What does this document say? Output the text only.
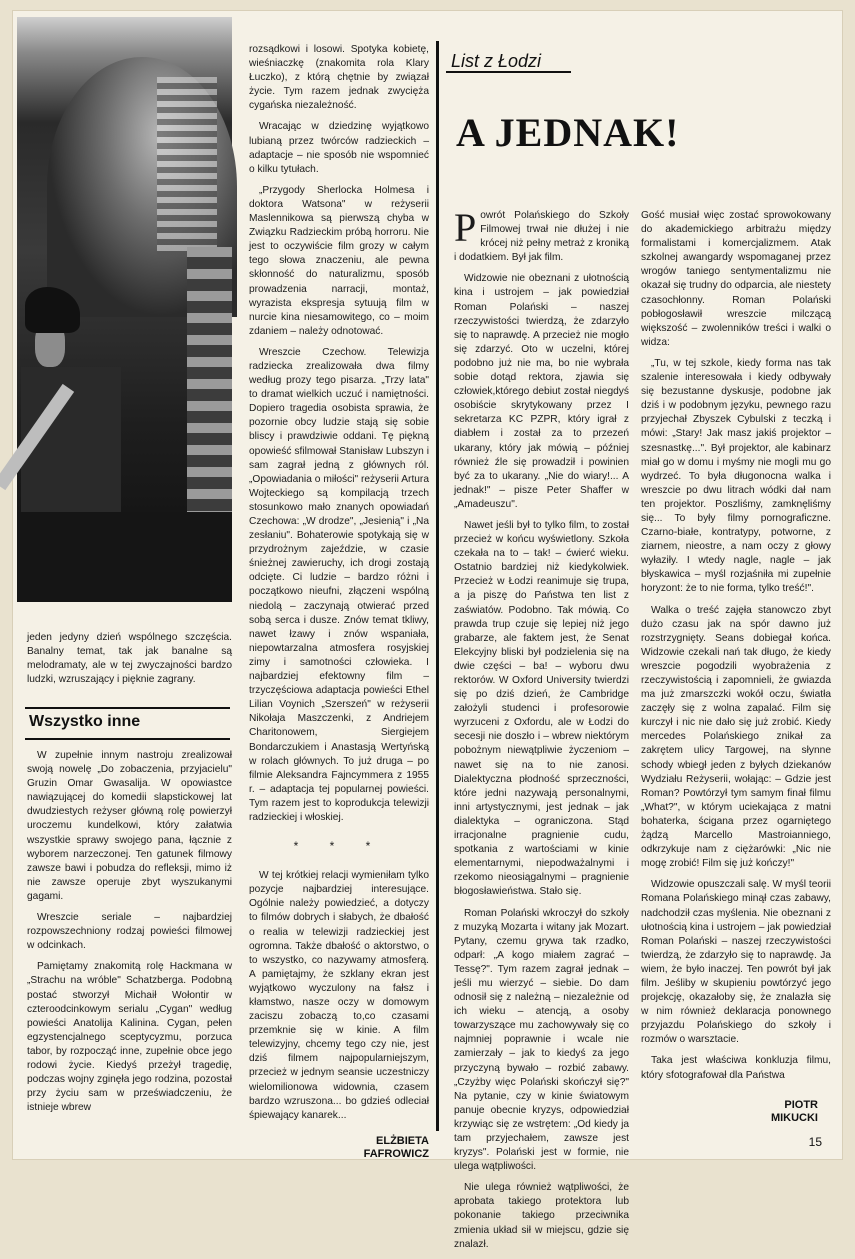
jeden jedyny dzień wspólnego szczęścia. Banalny temat, tak jak banalne są melodramaty, ale w tej zwyczajności bardzo ludzki, wzruszający i pięknie zagrany.

Wszystko inne

W zupełnie innym nastroju zrealizował swoją nowelę „Do zobaczenia, przyjacielu" Gruzin Omar Gwasalija. W opowiastce nawiązującej do komedii slapstickowej lat dwudziestych reżyser główną rolę powierzył uroczemu kundelkowi, który załatwia wszystkie sprawy swojego pana, łącznie z wyborem narzeczonej. Ten gatunek filmowy zawsze bawi i pobudza do refleksji, mimo iż nie zawsze operuje zbyt wyszukanymi gagami.

Wreszcie seriale – najbardziej rozpowszechniony rodzaj powieści filmowej w odcinkach.

Pamiętamy znakomitą rolę Hackmana w „Strachu na wróble" Schatzberga. Podobną postać stworzył Michaił Wołontir w czteroodcinkowym serialu „Cygan" według powieści Anatolija Kalinina. Cygan, pełen egzystencjalnego sceptycyzmu, porzuca tabor, by rozpocząć inne, zupełnie obce jego rodowi życie. Kiedyś przeżył tragedię, podczas wojny zginęła jego rodzina, pozostał przy życiu sam w przeświadczeniu, że istnieje wbrew

rozsądkowi i losowi. Spotyka kobietę, wieśniaczkę (znakomita rola Klary Łuczko), z którą chętnie by związał życie. Tym razem jednak zwycięża cygańska niezależność.

Wracając w dziedzinę wyjątkowo lubianą przez twórców radzieckich – adaptacje – nie sposób nie wspomnieć o kilku tytułach.

„Przygody Sherlocka Holmesa i doktora Watsona" w reżyserii Maslennikowa są pierwszą chyba w Związku Radzieckim próbą horroru. Nie jest to oczywiście film grozy w całym tego słowa znaczeniu, ale pewna skłonność do naturalizmu, sposób prowadzenia narracji, montaż, wyrazista ekspresja sytuują film w nurcie kina niesamowitego, co – moim zdaniem – należy odnotować.

Wreszcie Czechow. Telewizja radziecka zrealizowała dwa filmy według prozy tego pisarza. „Trzy lata" to dramat wielkich uczuć i namiętności. Dopiero tragedia osobista sprawia, że pozornie obcy ludzie stają się sobie bliscy i prawdziwie oddani. Tę piękną opowieść sfilmował Stanisław Lubszyn i sam zagrał jedną z głównych ról. „Opowiadania o miłości" reżyserii Artura Wojteckiego są kompilacją trzech stosunkowo mało znanych opowiadań Czechowa: „W drodze", „Jesienią" i „Na zesłaniu". Bohaterowie spotykają się w przydrożnym zajeździe, w czasie śnieżnej zawieruchy, ich drogi zostają odcięte. Ci ludzie – bardzo różni i początkowo nieufni, złączeni wspólną niedolą – zaczynają otwierać przed sobą serca i dusze. Znów temat tkliwy, nawet łzawy i znów wspaniała, niepowtarzalna atmosfera rosyjskiej zimy i samotności człowieka. I najbardziej efektowny film – trzyczęściowa adaptacja powieści Ethel Lilian Voynich „Szerszeń" w reżyserii Nikołaja Maszczenki, z Andriejem Charitonowem, Siergiejem Bondarczukiem i Anastasją Wertyńską w rolach głównych. To już druga – po filmie Aleksandra Fajncymmera z 1955 r. – adaptacja tej popularnej powieści. Tym razem jest to koprodukcja telewizji radzieckiej i włoskiej.

* * *

W tej krótkiej relacji wymieniłam tylko pozycje najbardziej interesujące. Ogólnie należy powiedzieć, a dotyczy to filmów dobrych i słabych, że dbałość o realia w telewizji radzieckiej jest ogromna. Także dbałość o aktorstwo, o to wszystko, co nazywamy atmosferą. A pamiętajmy, że szklany ekran jest wyjątkowo wyczulony na fałsz i kłamstwo, nasze oczy w domowym zaciszu zobaczą to,co czasami przemknie się w kinie. A film telewizyjny, chcemy tego czy nie, jest dziś filmem najpopularniejszym, przecież w jednym seansie uczestniczy wielomilionowa widownia, czasem bardzo wzruszona... bo gdzieś odleciał śpiewający kanarek...

ELŻBIETA
FAFROWICZ
List z Łodzi
A JEDNAK!

Powrót Polańskiego do Szkoły Filmowej trwał nie dłużej i nie krócej niż pełny metraż z kroniką i dodatkiem. Był jak film.

Widzowie nie obeznani z ułotnością kina i ustrojem – jak powiedział Roman Polański – naszej rzeczywistości twierdzą, że zdarzyło się to naprawdę. A przecież nie mogło się zdarzyć. Oto w uczelni, której podobno już nie ma, bo nie wybrała sobie dotąd rektora, zjawia się człowiek,którego debiut został niegdyś osobiście skrytykowany przez I sekretarza KC PZPR, który igrał z diabłem i został za to przezeń ukarany, który jak mówią – później również źle się prowadził i powinien być za to ukarany. „Nie do wiary!... A jednak!" – pisze Peter Shaffer w „Amadeuszu".

Nawet jeśli był to tylko film, to został przecież w końcu wyświetlony. Szkoła czekała na to – tak! – ćwierć wieku. Ostatnio bardziej niż kiedykolwiek. Przecież w Łodzi reanimuje się trupa, a ja piszę do Państwa ten list z zaświatów. Podobno. Tak mówią. Co prawda trup czuje się lepiej niż jego grabarze, ale faktem jest, że Senat Elekcyjny bliski był podzielenia się na dwie części – ba! – wyboru dwu rektorów. W Oxford University twierdzi się po dziś dzień, że Cambridge założyli studenci i profesorowie wyrzuceni z Oxfordu, ale w Łodzi do secesji nie doszło i – wbrew niektórym pobożnym niewątpliwie życzeniom – nawet się na to nie zanosi. Dialektyczna płodność sprzeczności, które jedni nazywają personalnymi, inni artystycznymi, jest jednak – jak dialektyka – ograniczona. Stąd irracjonalne pragnienie cudu, spotkania z wartościami w kinie elementarnymi, niepodważalnymi i rzekomo nieosiągalnymi – pragnienie błogosławieństwa. Stało się.

Roman Polański wkroczył do szkoły z muzyką Mozarta i witany jak Mozart. Pytany, czemu grywa tak rzadko, odparł: „A kogo miałem zagrać – Tessę?". Tym razem zagrał jednak – jeśli mu wierzyć – siebie. Do dam odnosił się z należną – niezależnie od ich wieku – atencją, a osoby towarzyszące mu zachowywały się co najmniej poprawnie i wcale nie zamierzały – jak to kiedyś za jego przyczyną bywało – rozbić zabawy. „Czyżby więc Polański skończył się?" Na pytanie, czy w kinie światowym panuje obecnie kryzys, odpowiedział krzywiąc się ze wstrętem: „Od kiedy ja tam przyjechałem, zawsze jest kryzys". Polański jest w formie, nie ulega wątpliwości.

Nie ulega również wątpliwości, że aprobata takiego protektora lub pokonanie takiego przeciwnika zmienia układ sił w miejscu, gdzie się znalazł.

Gość musiał więc zostać sprowokowany do akademickiego arbitrażu między formalistami i komercjalizmem. Atak szkolnej awangardy wspomaganej przez wrogów taniego sentymentalizmu nie okazał się trudny do odparcia, ale niestety czasochłonny. Roman Polański pobłogosławił wreszcie milczącą większość – zwolenników treści i walki o widza:

„Tu, w tej szkole, kiedy forma nas tak szalenie interesowała i kiedy odbywały się bezustanne dyskusje, podobne jak dziś i w podobnym języku, pewnego razu przyjechał Zbyszek Cybulski z teczką i mówi: „Stary! Jak masz jakiś projektor – szesnastkę...". Był projektor, ale kabinarz miał go w domu i myśmy nie mogli mu go wydrzeć. To była długonocna walka i wreszcie po dwu litrach wódki dał nam ten projektor. Poszliśmy, zamknęliśmy się... To były filmy pornograficzne. Czarno-białe, kontratypy, potworne, z ziarnem, nieostre, a nam oczy z głowy wyłaziły. I wtedy nagle, nagle – jak błyskawica – myśl rozjaśniła mi zupełnie horyzont: że to nie forma, tylko treść!".

Walka o treść zajęła stanowczo zbyt dużo czasu jak na spór dawno już rozstrzygnięty. Seans dobiegał końca. Widzowie czekali nań tak długo, że kiedy wreszcie pogodzili wyobrażenia z rzeczywistością i zapomnieli, że gwiazda ma już zmarszczki wokół oczu, światła zaczęły się z wolna zapalać. Film się kurczył i nic nie dało się już zrobić. Kiedy mercedes Polańskiego znikał za zakrętem ulicy Targowej, na słynne schody wbiegł jeden z byłych dziekanów Wydziału Reżyserii, wołając: – Gdzie jest Roman? Powtórzył tym samym finał filmu „What?", w którym uciekająca z matni bohaterka, ścigana przez ogarniętego żądzą Marcello Mastroianniego, odkrzykuje nam z ciężarówki: „Nic nie mogę zrobić! Film się już kończy!"

Widzowie opuszczali salę. W myśl teorii Romana Polańskiego minął czas zabawy, nadchodził czas myślenia. Nie obeznani z ułotnością kina i ustrojem – jak powiedział Roman Polański – naszej rzeczywistości twierdzą, że zdarzyło się to naprawdę. Ja wiem, że było inaczej. Ten powrót był jak film. Jeśliby w skupieniu powtórzyć jego projekcję, okazałoby się, że znalazła się w nim również deklaracja ponownego przyjazdu Polańskiego do szkoły i rozmów o warsztacie.

Taka jest właściwa konkluzja filmu, który sfotografował dla Państwa

PIOTR
MIKUCKI
15
